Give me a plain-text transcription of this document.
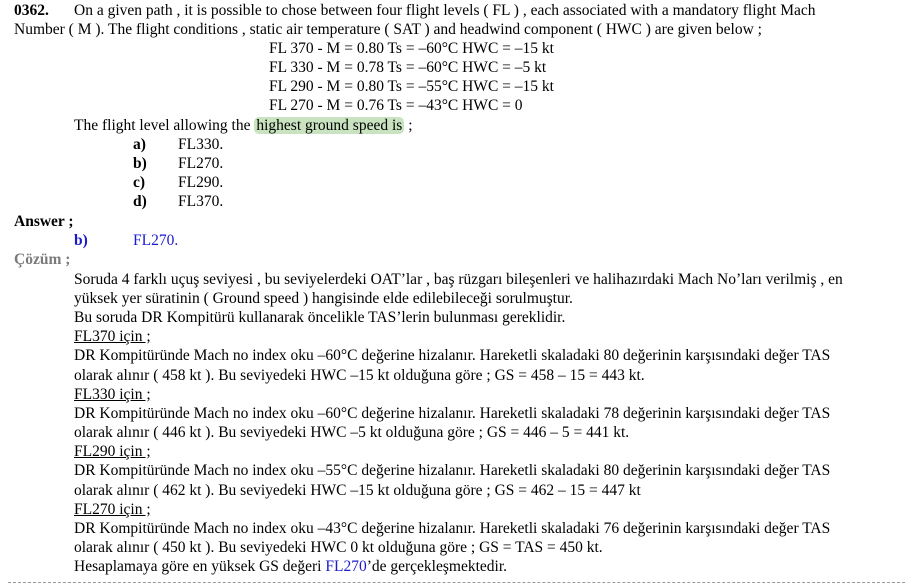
0362. On a given path , it is possible to chose between four flight levels ( FL ) , each associated with a mandatory flight Mach
Number ( M ). The flight conditions , static air temperature ( SAT ) and headwind component ( HWC ) are given below ;
FL 370 - M = 0.80 Ts = –60°C HWC = –15 kt
FL 330 - M = 0.78 Ts = –60°C HWC = –5 kt
FL 290 - M = 0.80 Ts = –55°C HWC = –15 kt
FL 270 - M = 0.76 Ts = –43°C HWC = 0
The flight level allowing the highest ground speed is ;
a) FL330.
b) FL270.
c) FL290.
d) FL370.
Answer ;
b)	FL270.
Çözüm ;
Soruda 4 farklı uçuş seviyesi , bu seviyelerdeki OAT’lar , baş rüzgarı bileşenleri ve halihazırdaki Mach No’ları verilmiş , en
yüksek yer süratinin ( Ground speed ) hangisinde elde edilebileceği sorulmuştur.
Bu soruda DR Kompitürü kullanarak öncelikle TAS’lerin bulunması gereklidir.
FL370 için ;
DR Kompitüründe Mach no index oku –60°C değerine hizalanır. Hareketli skaladaki 80 değerinin karşısındaki değer TAS
olarak alınır ( 458 kt ). Bu seviyedeki HWC –15 kt olduğuna göre ; GS = 458 – 15 = 443 kt.
FL330 için ;
DR Kompitüründe Mach no index oku –60°C değerine hizalanır. Hareketli skaladaki 78 değerinin karşısındaki değer TAS
olarak alınır ( 446 kt ). Bu seviyedeki HWC –5 kt olduğuna göre ; GS = 446 – 5 = 441 kt.
FL290 için ;
DR Kompitüründe Mach no index oku –55°C değerine hizalanır. Hareketli skaladaki 80 değerinin karşısındaki değer TAS
olarak alınır ( 462 kt ). Bu seviyedeki HWC –15 kt olduğuna göre ; GS = 462 – 15 = 447 kt
FL270 için ;
DR Kompitüründe Mach no index oku –43°C değerine hizalanır. Hareketli skaladaki 76 değerinin karşısındaki değer TAS
olarak alınır ( 450 kt ). Bu seviyedeki HWC 0 kt olduğuna göre ; GS = TAS = 450 kt.
Hesaplamaya göre en yüksek GS değeri FL270’de gerçekleşmektedir.
